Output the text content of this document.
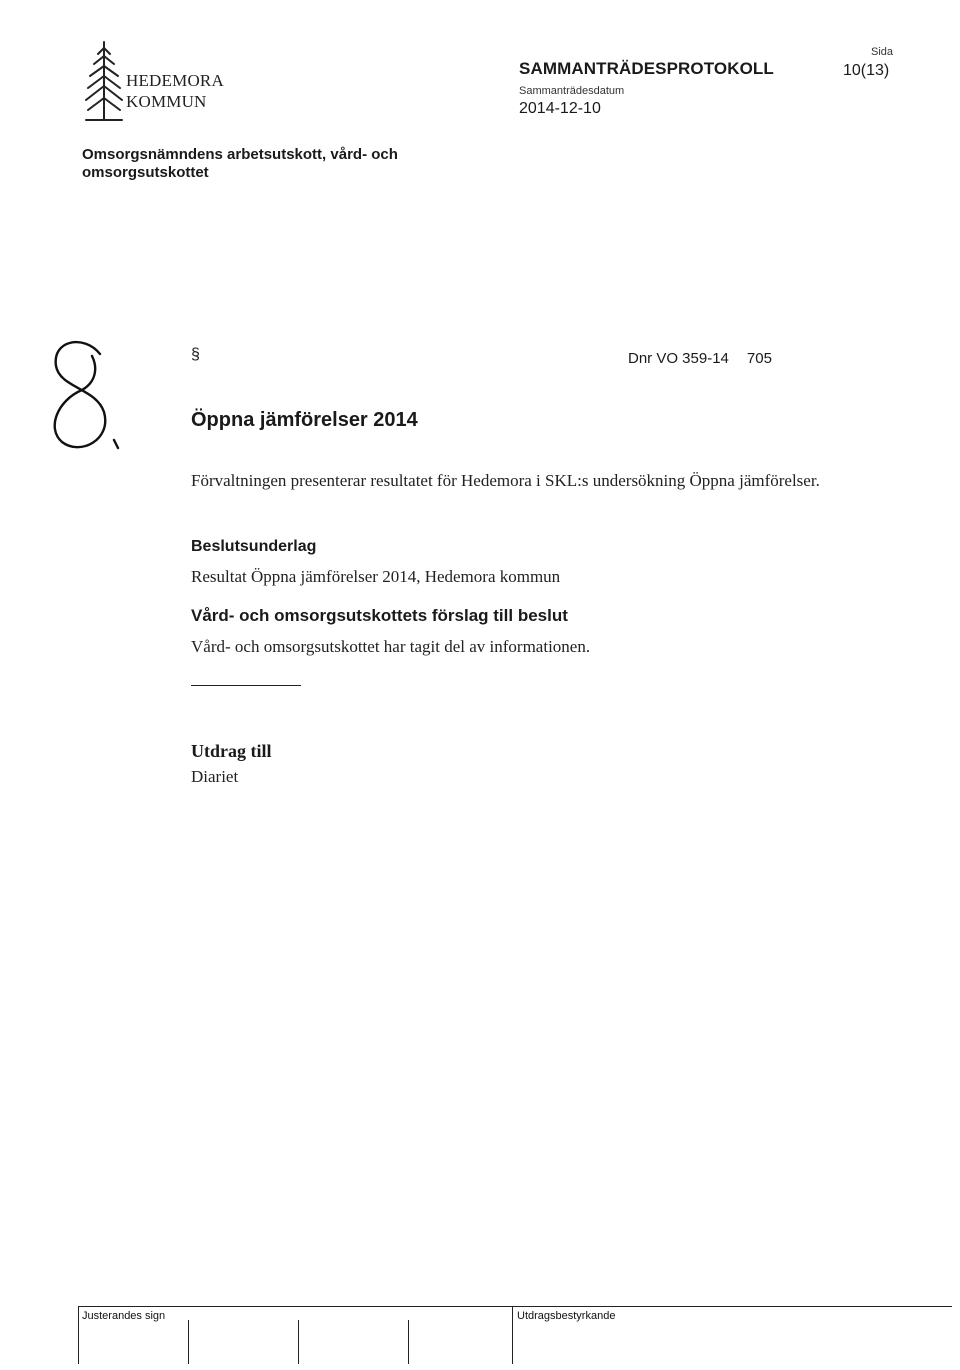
HEDEMORA
KOMMUN
SAMMANTRÄDESPROTOKOLL
Sammanträdesdatum
2014-12-10
Sida
10(13)
Omsorgsnämndens arbetsutskott, vård- och omsorgsutskottet
§	Dnr VO 359-14 705
Öppna jämförelser 2014
Förvaltningen presenterar resultatet för Hedemora i SKL:s undersökning Öppna jämförelser.
Beslutsunderlag
Resultat Öppna jämförelser 2014, Hedemora kommun
Vård- och omsorgsutskottets förslag till beslut
Vård- och omsorgsutskottet har tagit del av informationen.
Utdrag till
Diariet
Justerandes sign	Utdragsbestyrkande
